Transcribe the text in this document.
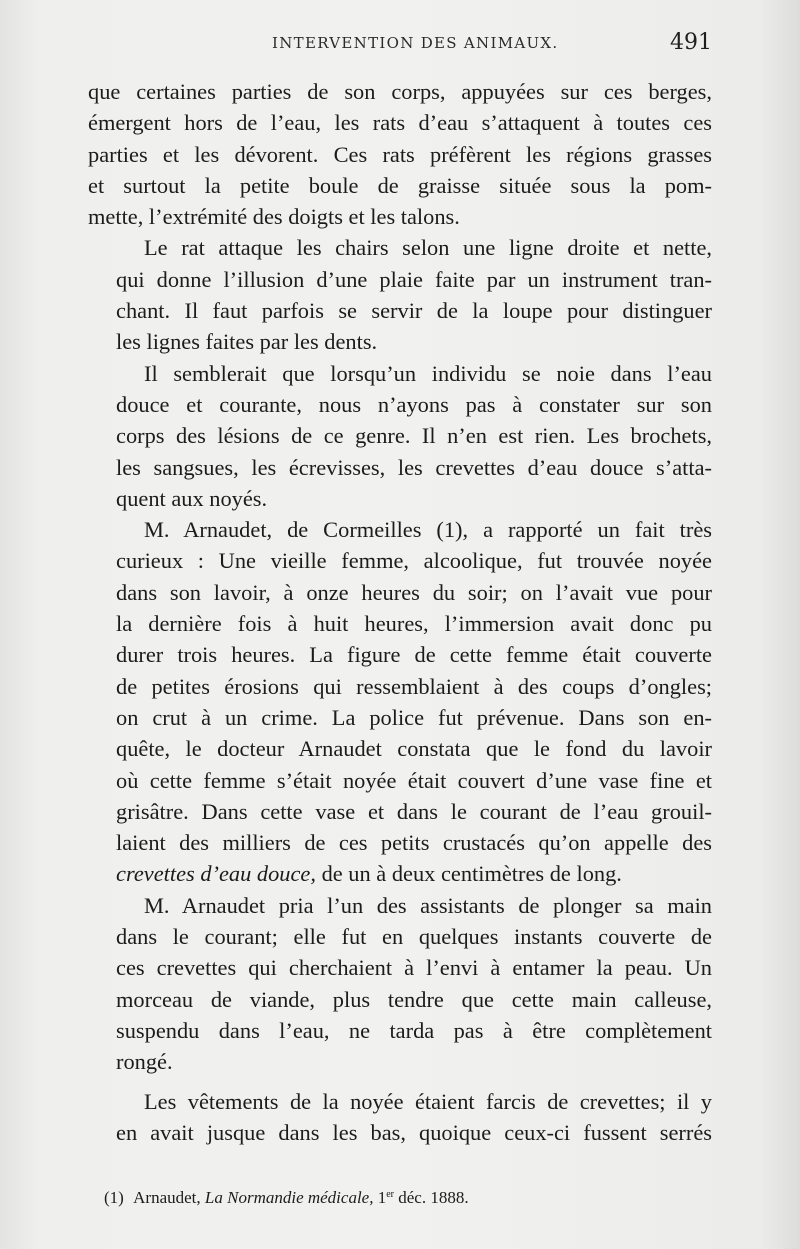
INTERVENTION DES ANIMAUX.	491

que certaines parties de son corps, appuyées sur ces berges,
émergent hors de l’eau, les rats d’eau s’attaquent à toutes ces
parties et les dévorent. Ces rats préfèrent les régions grasses
et surtout la petite boule de graisse située sous la pom-
mette, l’extrémité des doigts et les talons.

Le rat attaque les chairs selon une ligne droite et nette,
qui donne l’illusion d’une plaie faite par un instrument tran-
chant. Il faut parfois se servir de la loupe pour distinguer
les lignes faites par les dents.

Il semblerait que lorsqu’un individu se noie dans l’eau
douce et courante, nous n’ayons pas à constater sur son
corps des lésions de ce genre. Il n’en est rien. Les brochets,
les sangsues, les écrevisses, les crevettes d’eau douce s’atta-
quent aux noyés.

M. Arnaudet, de Cormeilles (1), a rapporté un fait très
curieux : Une vieille femme, alcoolique, fut trouvée noyée
dans son lavoir, à onze heures du soir; on l’avait vue pour
la dernière fois à huit heures, l’immersion avait donc pu
durer trois heures. La figure de cette femme était couverte
de petites érosions qui ressemblaient à des coups d’ongles;
on crut à un crime. La police fut prévenue. Dans son en-
quête, le docteur Arnaudet constata que le fond du lavoir
où cette femme s’était noyée était couvert d’une vase fine et
grisâtre. Dans cette vase et dans le courant de l’eau grouil-
laient des milliers de ces petits crustacés qu’on appelle des
crevettes d’eau douce, de un à deux centimètres de long.

M. Arnaudet pria l’un des assistants de plonger sa main
dans le courant; elle fut en quelques instants couverte de
ces crevettes qui cherchaient à l’envi à entamer la peau. Un
morceau de viande, plus tendre que cette main calleuse,
suspendu dans l’eau, ne tarda pas à être complètement
rongé.

Les vêtements de la noyée étaient farcis de crevettes; il y
en avait jusque dans les bas, quoique ceux-ci fussent serrés

(1) Arnaudet, La Normandie médicale, 1er déc. 1888.
